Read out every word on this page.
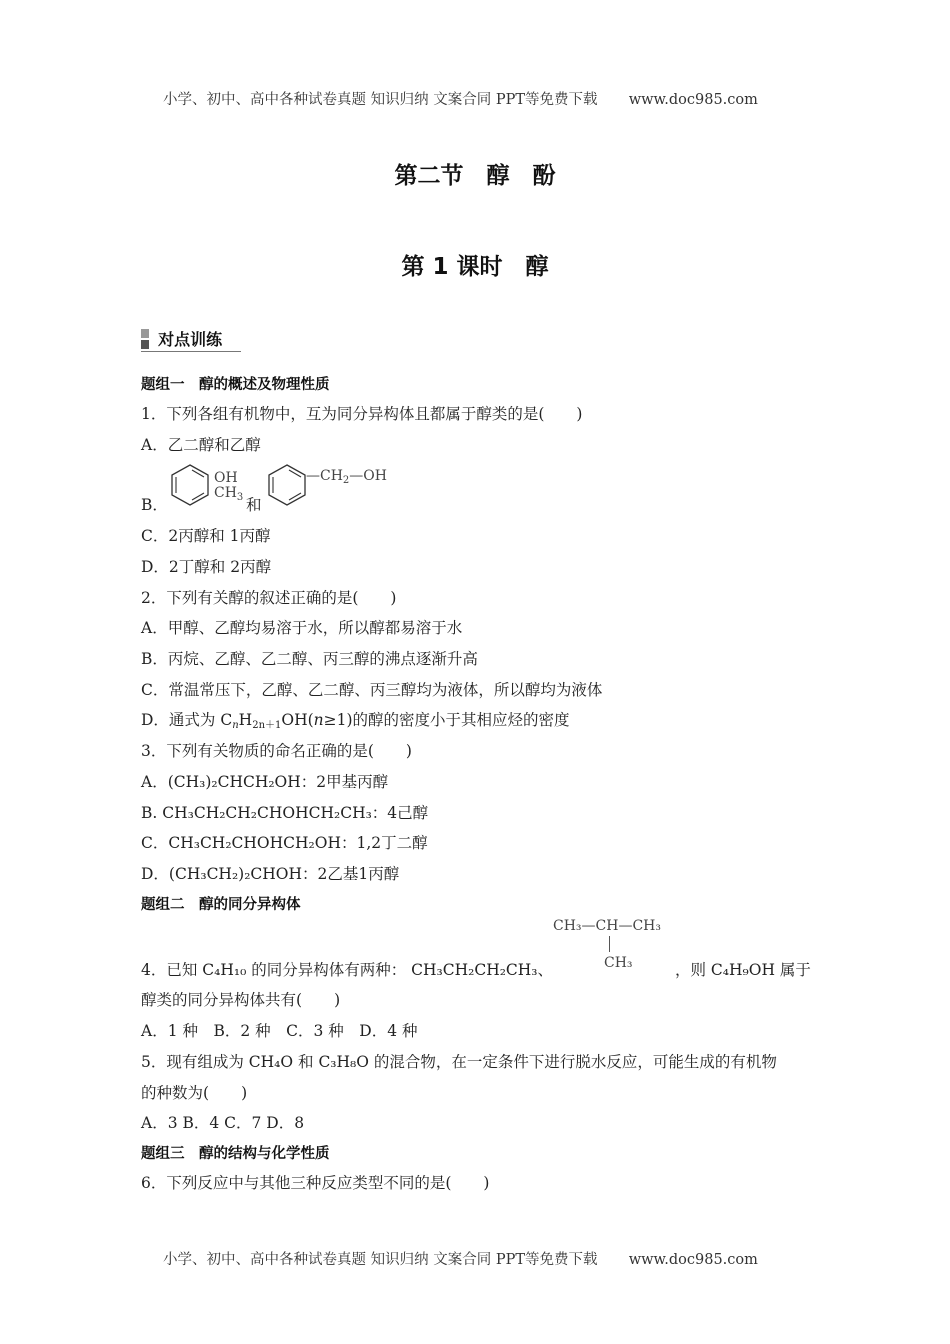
小学、初中、高中各种试卷真题 知识归纳 文案合同 PPT等免费下载 www.doc985.com
第二节　醇　酚
第 1 课时　醇
对点训练
题组一　醇的概述及物理性质
1．下列各组有机物中，互为同分异构体且都属于醇类的是( )
A．乙二醇和乙醇
B．
OH
$CH_3$ 和
$—CH_2—OH$
C．2丙醇和 1丙醇
D．2丁醇和 2丙醇
2．下列有关醇的叙述正确的是( )
A．甲醇、乙醇均易溶于水，所以醇都易溶于水
B．丙烷、乙醇、乙二醇、丙三醇的沸点逐渐升高
C．常温常压下，乙醇、乙二醇、丙三醇均为液体，所以醇均为液体
D．通式为 $C_nH_{2n+1}OH(n\ge 1)$的醇的密度小于其相应烃的密度
3．下列有关物质的命名正确的是( )
A．(CH₃)₂CHCH₂OH：2甲基丙醇
B. CH₃CH₂CH₂CHOHCH₂CH₃：4己醇
C．CH₃CH₂CHOHCH₂OH：1,2丁二醇
D．(CH₃CH₂)₂CHOH：2乙基1丙醇
题组二　醇的同分异构体
CH₃—CH—CH₃
CH₃
4．已知 C₄H₁₀ 的同分异构体有两种： CH₃CH₂CH₂CH₃、	，则 C₄H₉OH 属于
醇类的同分异构体共有( )
A．1 种　B．2 种　C．3 种　D．4 种
5．现有组成为 CH₄O 和 C₃H₈O 的混合物，在一定条件下进行脱水反应，可能生成的有机物
的种数为( )
A．3 B．4 C．7 D．8
题组三　醇的结构与化学性质
6．下列反应中与其他三种反应类型不同的是( )
小学、初中、高中各种试卷真题 知识归纳 文案合同 PPT等免费下载 www.doc985.com
